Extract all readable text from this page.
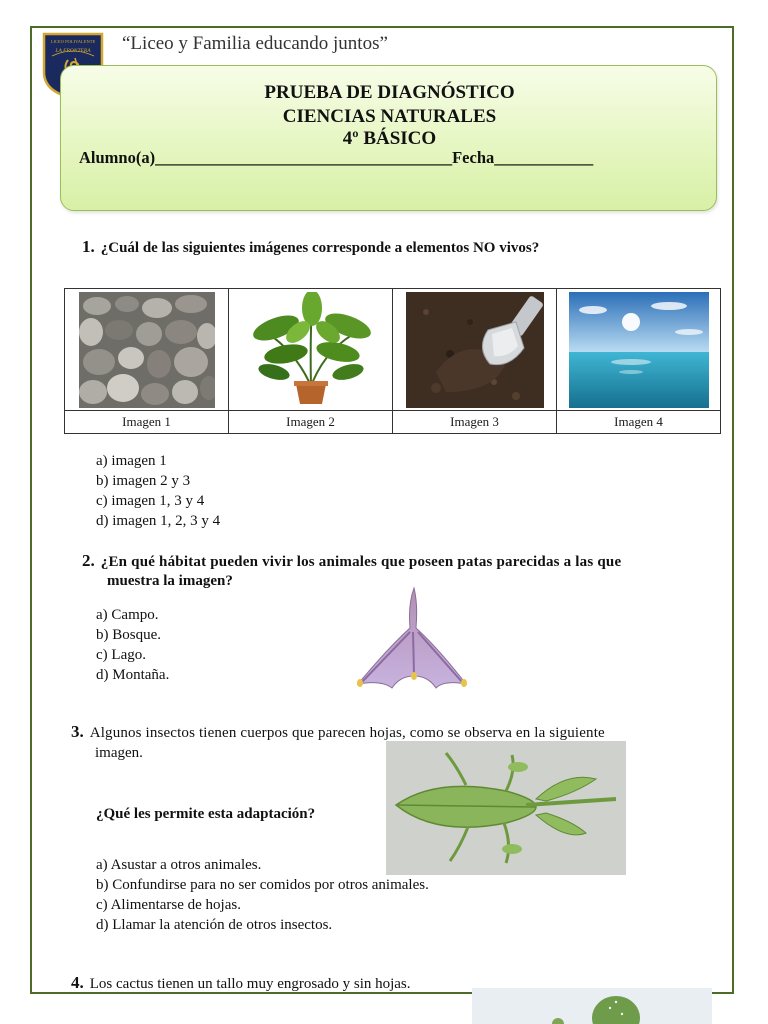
LICEO POLIVALENTE
LA FRONTERA “Liceo y Familia educando juntos”
PRUEBA DE DIAGNÓSTICO
CIENCIAS NATURALES
4º BÁSICO
Alumno(a)____________________________________Fecha____________
1. ¿Cuál de las siguientes imágenes corresponde a elementos NO vivos?

Imagen 1	Imagen 2	Imagen 3	Imagen 4
a) imagen 1
b) imagen 2 y 3
c) imagen 1, 3 y 4
d) imagen 1, 2, 3 y 4
2. ¿En qué hábitat pueden vivir los animales que poseen patas parecidas a las que
muestra la imagen?
a) Campo.
b) Bosque.
c) Lago.
d) Montaña.
3. Algunos insectos tienen cuerpos que parecen hojas, como se observa en la siguiente
imagen.
¿Qué les permite esta adaptación?
a) Asustar a otros animales.
b) Confundirse para no ser comidos por otros animales.
c) Alimentarse de hojas.
d) Llamar la atención de otros insectos.
4. Los cactus tienen un tallo muy engrosado y sin hojas.
